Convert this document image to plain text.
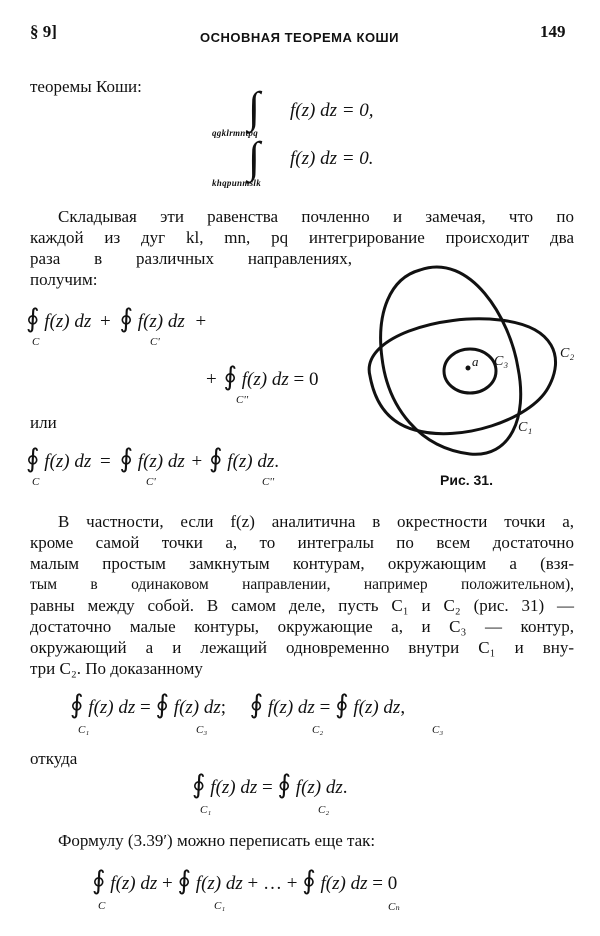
§ 9]	ОСНОВНАЯ ТЕОРЕМА КОШИ	149
теоремы Коши: ∫ f(z) dz = 0,
qgklrmntpq
∫ f(z) dz = 0.
khqpunmslk
Складывая эти равенства почленно и замечая, что по
каждой из дуг kl, mn, pq интегрирование происходит два
раза в различных направлениях,
получим:
∮ f(z) dz + ∮ f(z) dz +
C	C'
+ ∮ f(z) dz = 0
C''
или
∮ f(z) dz = ∮ f(z) dz + ∮ f(z) dz.
C	C'	C''
a C₃
C₂
C₁
Рис. 31.
В частности, если f(z) аналитична в окрестности точки a,
кроме самой точки a, то интегралы по всем достаточно
малым простым замкнутым контурам, окружающим a (взя-
тым в одинаковом направлении, например положительном),
равны между собой. В самом деле, пусть C₁ и C₂ (рис. 31) —
достаточно малые контуры, окружающие a, и C₃ — контур,
окружающий a и лежащий одновременно внутри C₁ и вну-
три C₂. По доказанному
∮ f(z) dz = ∮ f(z) dz; ∮ f(z) dz = ∮ f(z) dz,
C₁	C₃	C₂	C₃
откуда
∮ f(z) dz = ∮ f(z) dz.
C₁	C₂
Формулу (3.39′) можно переписать еще так:
∮ f(z) dz + ∮ f(z) dz + … + ∮ f(z) dz = 0
C	C₁	Cₙ
